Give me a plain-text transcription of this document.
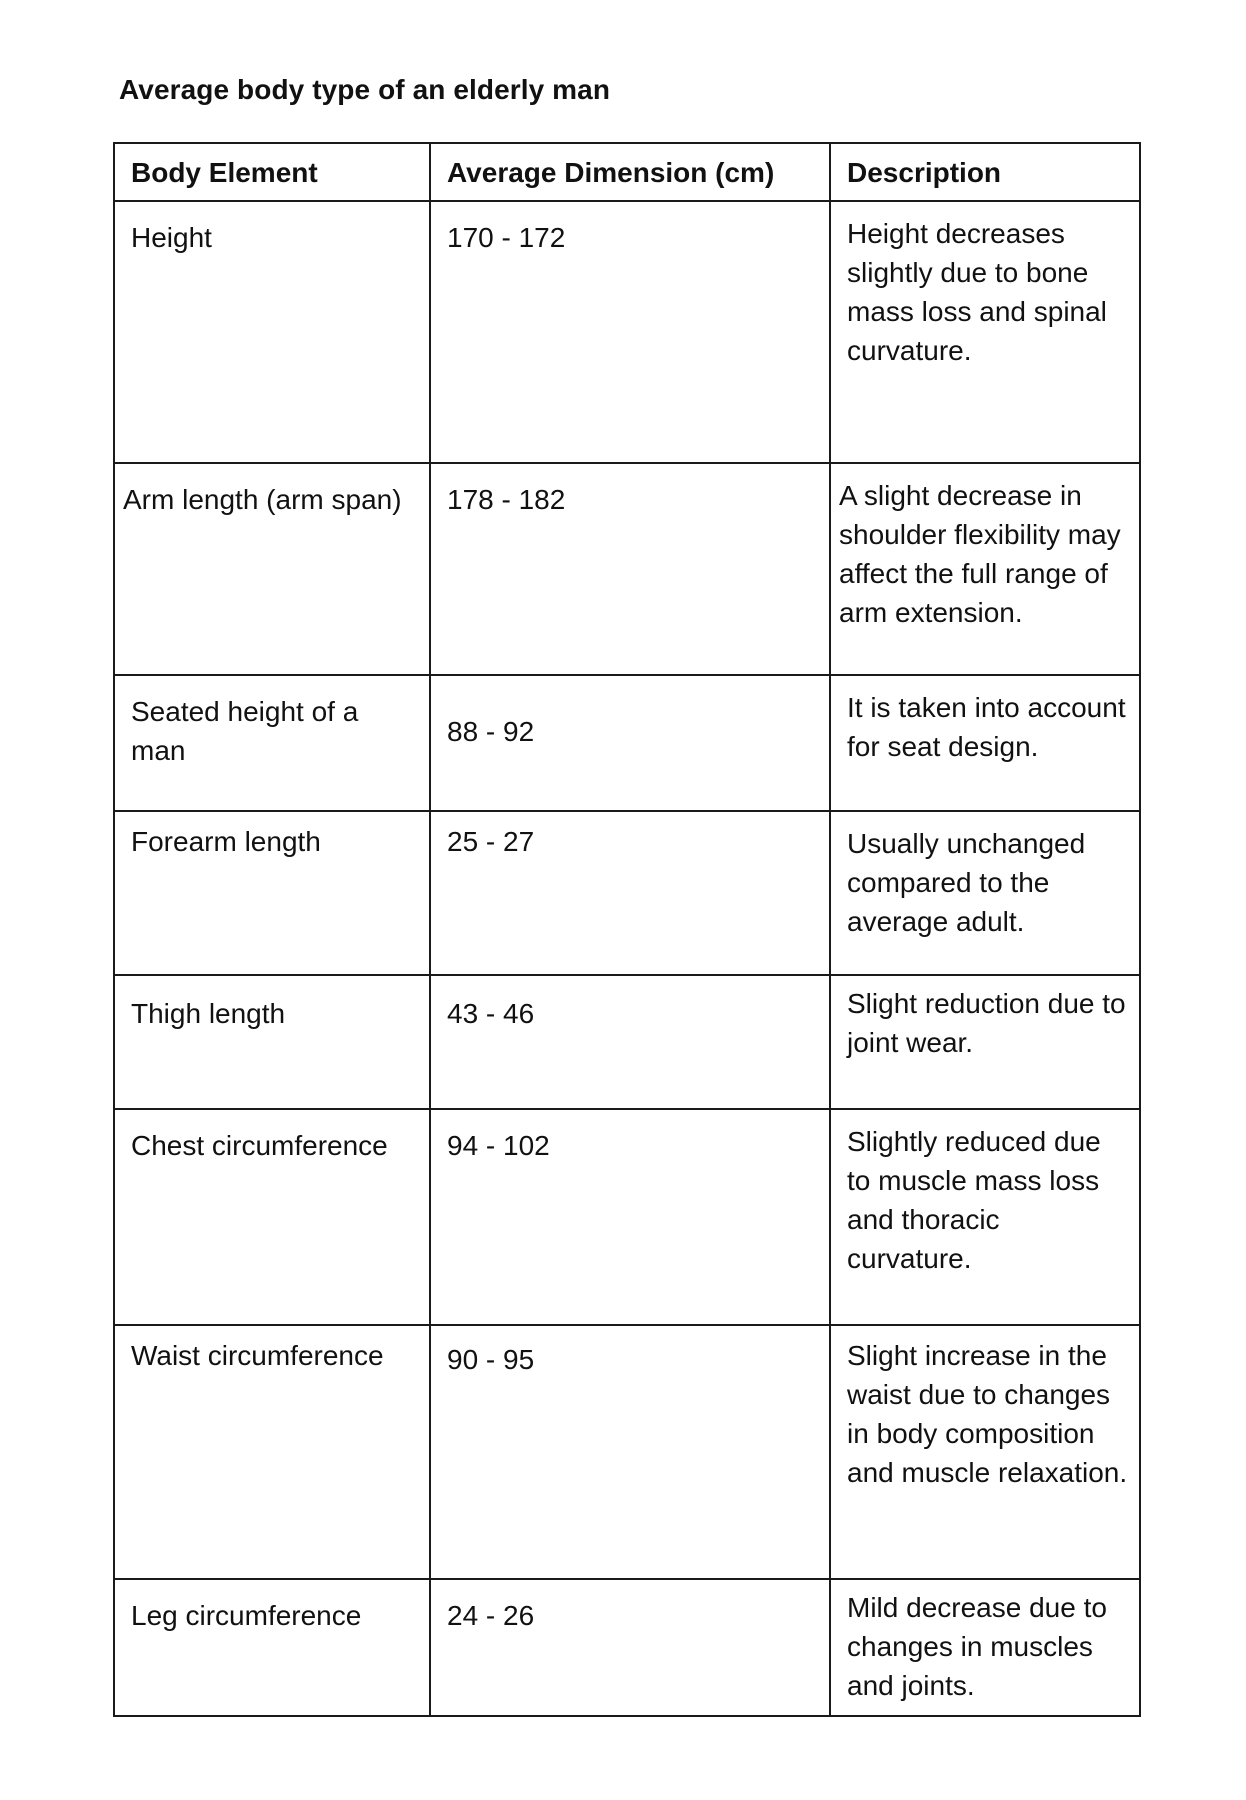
Average body type of an elderly man
Body Element	Average Dimension (cm)	Description

Height	170 - 172	Height decreases slightly due to bone mass loss and spinal curvature.

Arm length (arm span)	178 - 182	A slight decrease in shoulder flexibility may affect the full range of arm extension.

Seated height of a man	88 - 92	It is taken into account for seat design.

Forearm length	25 - 27	Usually unchanged compared to the average adult.

Thigh length	43 - 46	Slight reduction due to joint wear.

Chest circumference	94 - 102	Slightly reduced due to muscle mass loss and thoracic curvature.

Waist circumference	90 - 95	Slight increase in the waist due to changes in body composition and muscle relaxation.

Leg circumference	24 - 26	Mild decrease due to changes in muscles and joints.
